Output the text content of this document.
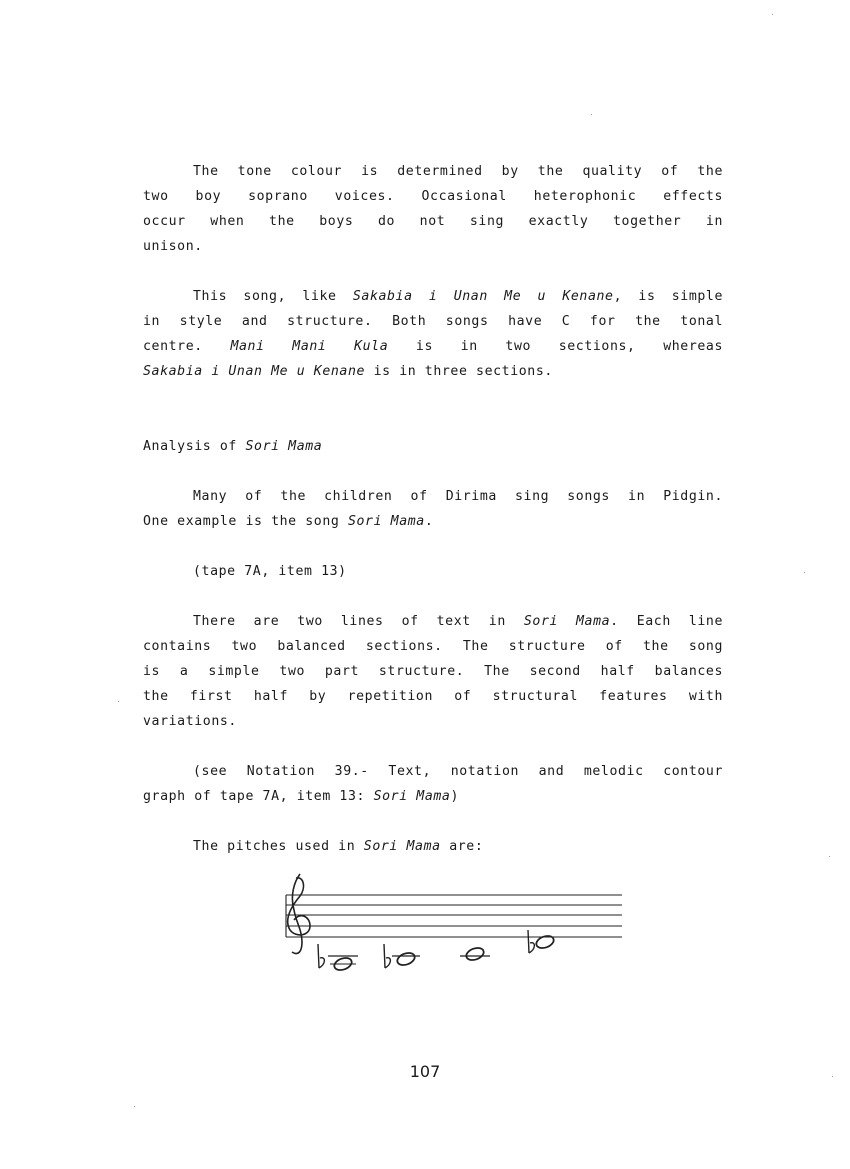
The tone colour is determined by the quality of the
two boy soprano voices. Occasional heterophonic effects
occur when the boys do not sing exactly together in
unison.
This song, like Sakabia i Unan Me u Kenane, is simple
in style and structure. Both songs have C for the tonal
centre. Mani Mani Kula is in two sections, whereas
Sakabia i Unan Me u Kenane is in three sections.
Analysis of Sori Mama
Many of the children of Dirima sing songs in Pidgin.
One example is the song Sori Mama.
(tape 7A, item 13)
There are two lines of text in Sori Mama. Each line
contains two balanced sections. The structure of the song
is a simple two part structure. The second half balances
the first half by repetition of structural features with
variations.
(see Notation 39.- Text, notation and melodic contour
graph of tape 7A, item 13: Sori Mama)
The pitches used in Sori Mama are:
107
